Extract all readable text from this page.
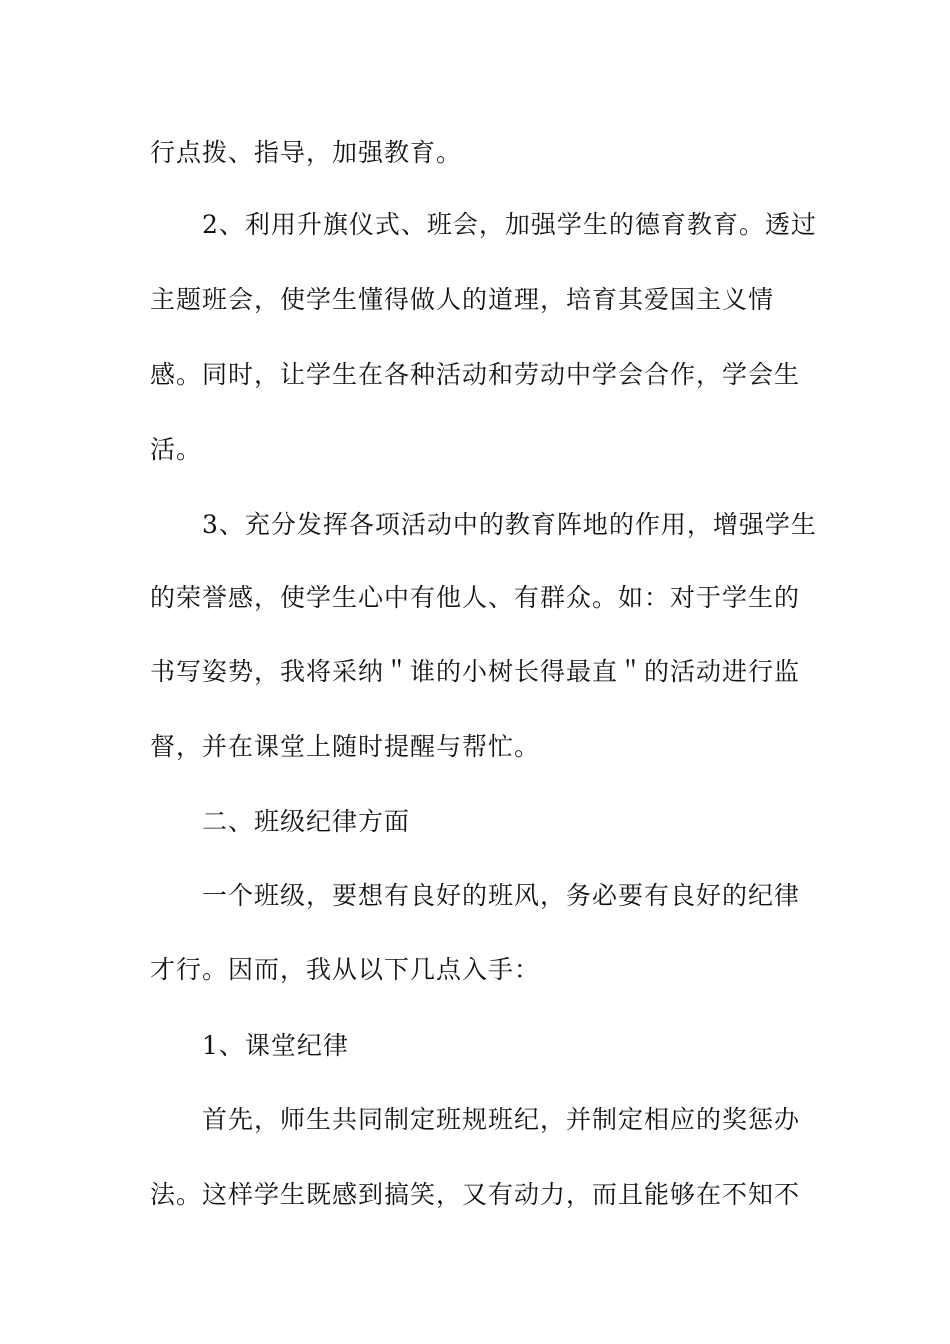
行点拨、指导，加强教育。
2、利用升旗仪式、班会，加强学生的德育教育。透过
主题班会，使学生懂得做人的道理，培育其爱国主义情
感。同时，让学生在各种活动和劳动中学会合作，学会生
活。
3、充分发挥各项活动中的教育阵地的作用，增强学生
的荣誉感，使学生心中有他人、有群众。如：对于学生的
书写姿势，我将采纳＂谁的小树长得最直＂的活动进行监
督，并在课堂上随时提醒与帮忙。
二、班级纪律方面
一个班级，要想有良好的班风，务必要有良好的纪律
才行。因而，我从以下几点入手：
1、课堂纪律
首先，师生共同制定班规班纪，并制定相应的奖惩办
法。这样学生既感到搞笑，又有动力，而且能够在不知不
